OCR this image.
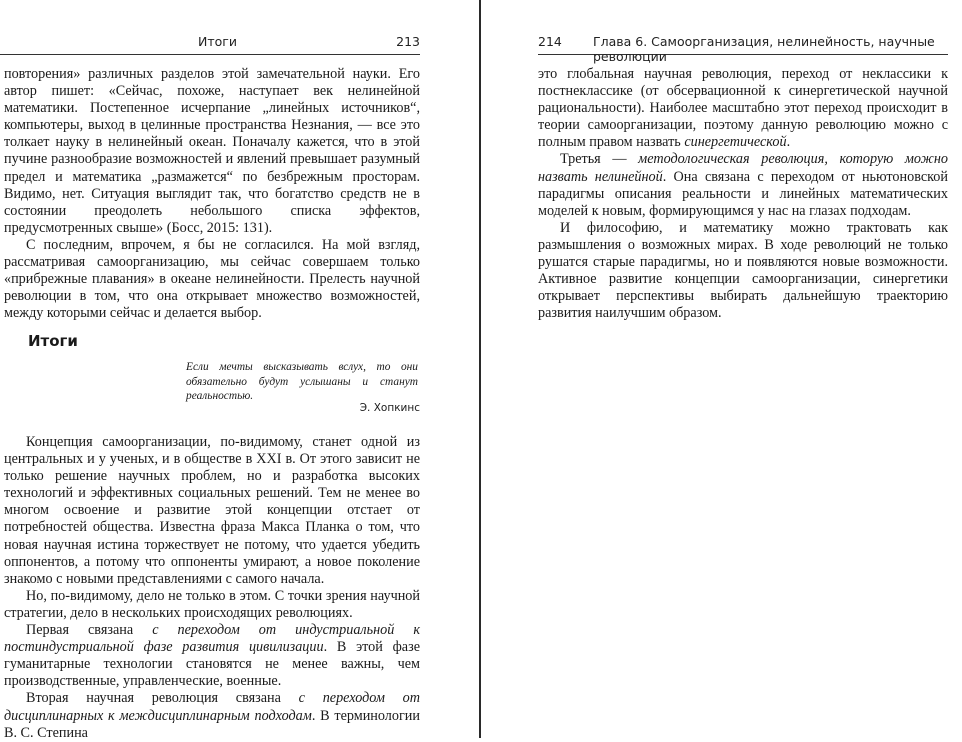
Итоги	213

повторения» различных разделов этой замечательной науки. Его автор пишет: «Сейчас, похоже, наступает век нелинейной математики. Постепенное исчерпание „линейных источников“, компьютеры, выход в целинные пространства Незнания, — все это толкает науку в нелинейный океан. Поначалу кажется, что в этой пучине разнообразие возможностей и явлений превышает разумный предел и математика „размажется“ по безбрежным просторам. Видимо, нет. Ситуация выглядит так, что богатство средств не в состоянии преодолеть небольшого списка эффектов, предусмотренных свыше» (Босс, 2015: 131).

С последним, впрочем, я бы не согласился. На мой взгляд, рассматривая самоорганизацию, мы сейчас совершаем только «прибрежные плавания» в океане нелинейности. Прелесть научной революции в том, что она открывает множество возможностей, между которыми сейчас и делается выбор.

Итоги
Если мечты высказывать вслух, то они обязательно будут услышаны и станут реальностью.
Э. Хопкинс

Концепция самоорганизации, по-видимому, станет одной из центральных и у ученых, и в обществе в XXI в. От этого зависит не только решение научных проблем, но и разработка высоких технологий и эффективных социальных решений. Тем не менее во многом освоение и развитие этой концепции отстает от потребностей общества. Известна фраза Макса Планка о том, что новая научная истина торжествует не потому, что удается убедить оппонентов, а потому что оппоненты умирают, а новое поколение знакомо с новыми представлениями с самого начала.

Но, по-видимому, дело не только в этом. С точки зрения научной стратегии, дело в нескольких происходящих революциях.

Первая связана с переходом от индустриальной к постиндустриальной фазе развития цивилизации. В этой фазе гуманитарные технологии становятся не менее важны, чем производственные, управленческие, военные.

Вторая научная революция связана с переходом от дисциплинарных к междисциплинарным подходам. В терминологии В. С. Степина

214 Глава 6. Самоорганизация, нелинейность, научные революции

это глобальная научная революция, переход от неклассики к постнеклассике (от обсервационной к синергетической научной рациональности). Наиболее масштабно этот переход происходит в теории самоорганизации, поэтому данную революцию можно с полным правом назвать синергетической.

Третья — методологическая революция, которую можно назвать нелинейной. Она связана с переходом от ньютоновской парадигмы описания реальности и линейных математических моделей к новым, формирующимся у нас на глазах подходам.

И философию, и математику можно трактовать как размышления о возможных мирах. В ходе революций не только рушатся старые парадигмы, но и появляются новые возможности. Активное развитие концепции самоорганизации, синергетики открывает перспективы выбирать дальнейшую траекторию развития наилучшим образом.
